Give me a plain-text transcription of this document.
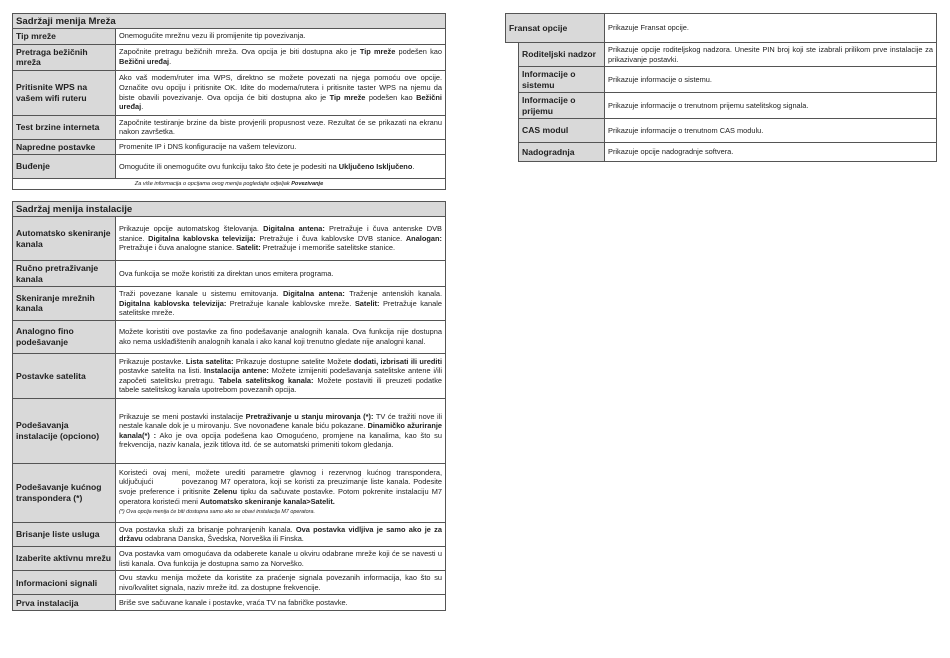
Sadržaji menija Mreža	
Tip mreže	Onemogućite mrežnu vezu ili promijenite tip povezivanja.
Pretraga bežičnih mreža	Započnite pretragu bežičnih mreža. Ova opcija je biti dostupna ako je Tip mreže podešen kao Bežični uređaj.
Pritisnite WPS na vašem wifi ruteru	Ako vaš modem/ruter ima WPS, direktno se možete povezati na njega pomoću ove opcije. Označite ovu opciju i pritisnite OK. Idite do modema/rutera i pritisnite taster WPS na njemu da biste obavili povezivanje. Ova opcija će biti dostupna ako je Tip mreže podešen kao Bežični uređaj.
Test brzine interneta	Započnite testiranje brzine da biste provjerili propusnost veze. Rezultat će se prikazati na ekranu nakon završetka.
Napredne postavke	Promenite IP i DNS konfiguracije na vašem televizoru.
Buđenje	Omogućite ili onemogućite ovu funkciju tako što ćete je podesiti na Uključeno Isključeno.
Za više informacija o opcijama ovog menija pogledajte odjeljak Povezivanje	
Sadržaj menija instalacije	
Automatsko skeniranje kanala	Prikazuje opcije automatskog štelovanja. Digitalna antena: Pretražuje i čuva antenske DVB stanice. Digitalna kablovska televizija: Pretražuje i čuva kablovske DVB stanice. Analogan: Pretražuje i čuva analogne stanice. Satelit: Pretražuje i memoriše satelitske stanice.
Ručno pretraživanje kanala	Ova funkcija se može koristiti za direktan unos emitera programa.
Skeniranje mrežnih kanala	Traži povezane kanale u sistemu emitovanja. Digitalna antena: Traženje antenskih kanala. Digitalna kablovska televizija: Pretražuje kanale kablovske mreže. Satelit: Pretražuje kanale satelitske mreže.
Analogno fino podešavanje	Možete koristiti ove postavke za fino podešavanje analognih kanala. Ova funkcija nije dostupna ako nema usklađištenih analognih kanala i ako kanal koji trenutno gledate nije analogni kanal.
Postavke satelita	Prikazuje postavke. Lista satelita: Prikazuje dostupne satelite Možete dodati, izbrisati ili urediti postavke satelita na listi. Instalacija antene: Možete izmijeniti podešavanja satelitske antene i/ili započeti satelitsku pretragu. Tabela satelitskog kanala: Možete postaviti ili preuzeti podatke tabele satelitskog kanala upotrebom povezanih opcija.
Podešavanja instalacije (opciono)	Prikazuje se meni postavki instalacije Pretraživanje u stanju mirovanja (*): TV će tražiti nove ili nestale kanale dok je u mirovanju. Sve novonađene kanale biću pokazane. Dinamičko ažuriranje kanala(*) : Ako je ova opcija podešena kao Omogućeno, promjene na kanalima, kao što su frekvencija, naziv kanala, jezik titlova itd. će se automatski primeniti tokom gledanja.
Podešavanje kućnog transpondera (*)	Koristeći ovaj meni, možete urediti parametre glavnog i rezervnog kućnog transpondera, uključujući          povezanog M7 operatora, koji se koristi za preuzimanje liste kanala. Podesite svoje preference i pritisnite Zelenu tipku da sačuvate postavke. Potom pokrenite instalaciju M7 operatora koristeći meni Automatsko skeniranje kanala>Satelit.
(*) Ova opcija menija će biti dostupna samo ako se obavi instalacija M7 operatora.

Brisanje liste usluga	Ova postavka služi za brisanje pohranjenih kanala. Ova postavka vidljiva je samo ako je za državu odabrana Danska, Švedska, Norveška ili Finska.
Izaberite aktivnu mrežu	Ova postavka vam omogućava da odaberete kanale u okviru odabrane mreže koji će se navesti u listi kanala. Ova funkcija je dostupna samo za Norveško.
Informacioni signali	Ovu stavku menija možete da koristite za praćenje signala povezanih informacija, kao što su nivo/kvalitet signala, naziv mreže itd. za dostupne frekvencije.
Prva instalacija	Briše sve sačuvane kanale i postavke, vraća TV na fabričke postavke.
Fransat opcije		Prikazuje Fransat opcije.
	Roditeljski nadzor	Prikazuje opcije roditeljskog nadzora. Unesite PIN broj koji ste izabrali prilikom prve instalacije za prikazivanje postavki.
	Informacije o sistemu	Prikazuje informacije o sistemu.
	Informacije o prijemu	Prikazuje informacije o trenutnom prijemu satelitskog signala.
	CAS modul	Prikazuje informacije o trenutnom CAS modulu.
	Nadogradnja	Prikazuje opcije nadogradnje softvera.
